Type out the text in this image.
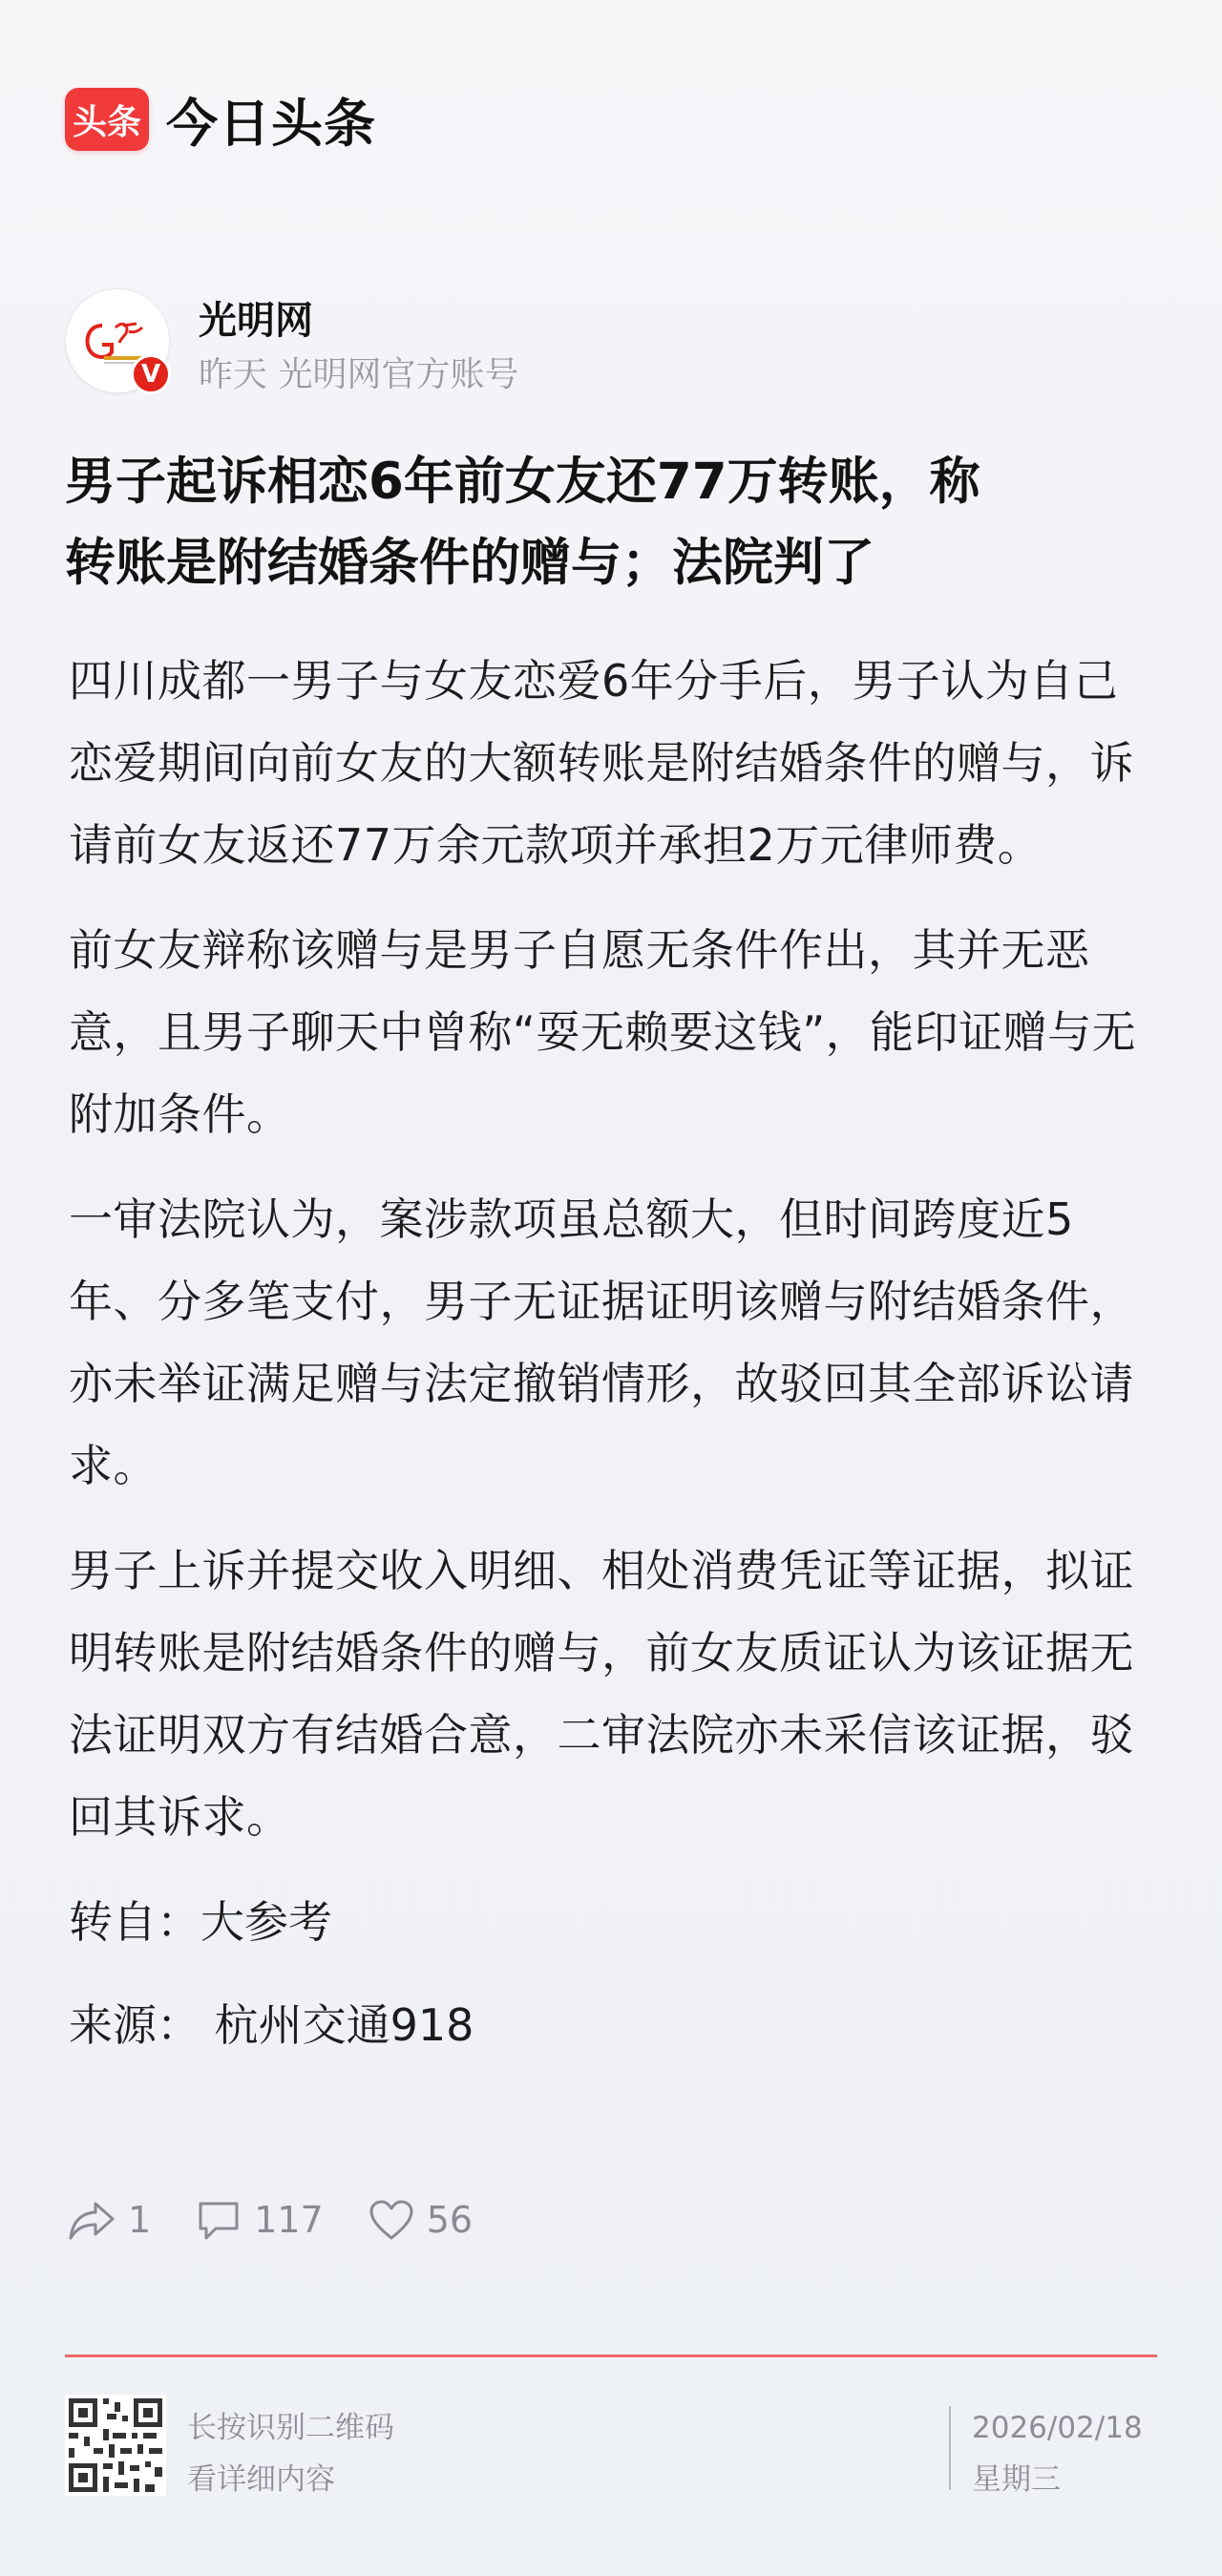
头条 今日头条
V
光明网
昨天 光明网官方账号
男子起诉相恋6年前女友还77万转账，称
转账是附结婚条件的赠与；法院判了

四川成都一男子与女友恋爱6年分手后，男子认为自己恋爱期间向前女友的大额转账是附结婚条件的赠与，诉请前女友返还77万余元款项并承担2万元律师费。

前女友辩称该赠与是男子自愿无条件作出，其并无恶意，且男子聊天中曾称“耍无赖要这钱”，能印证赠与无附加条件。

一审法院认为，案涉款项虽总额大，但时间跨度近5年、分多笔支付，男子无证据证明该赠与附结婚条件，亦未举证满足赠与法定撤销情形，故驳回其全部诉讼请求。

男子上诉并提交收入明细、相处消费凭证等证据，拟证明转账是附结婚条件的赠与，前女友质证认为该证据无法证明双方有结婚合意，二审法院亦未采信该证据，驳回其诉求。

转自：大参考

来源： 杭州交通918

1	117	56
长按识别二维码
看详细内容
2026/02/18
星期三
